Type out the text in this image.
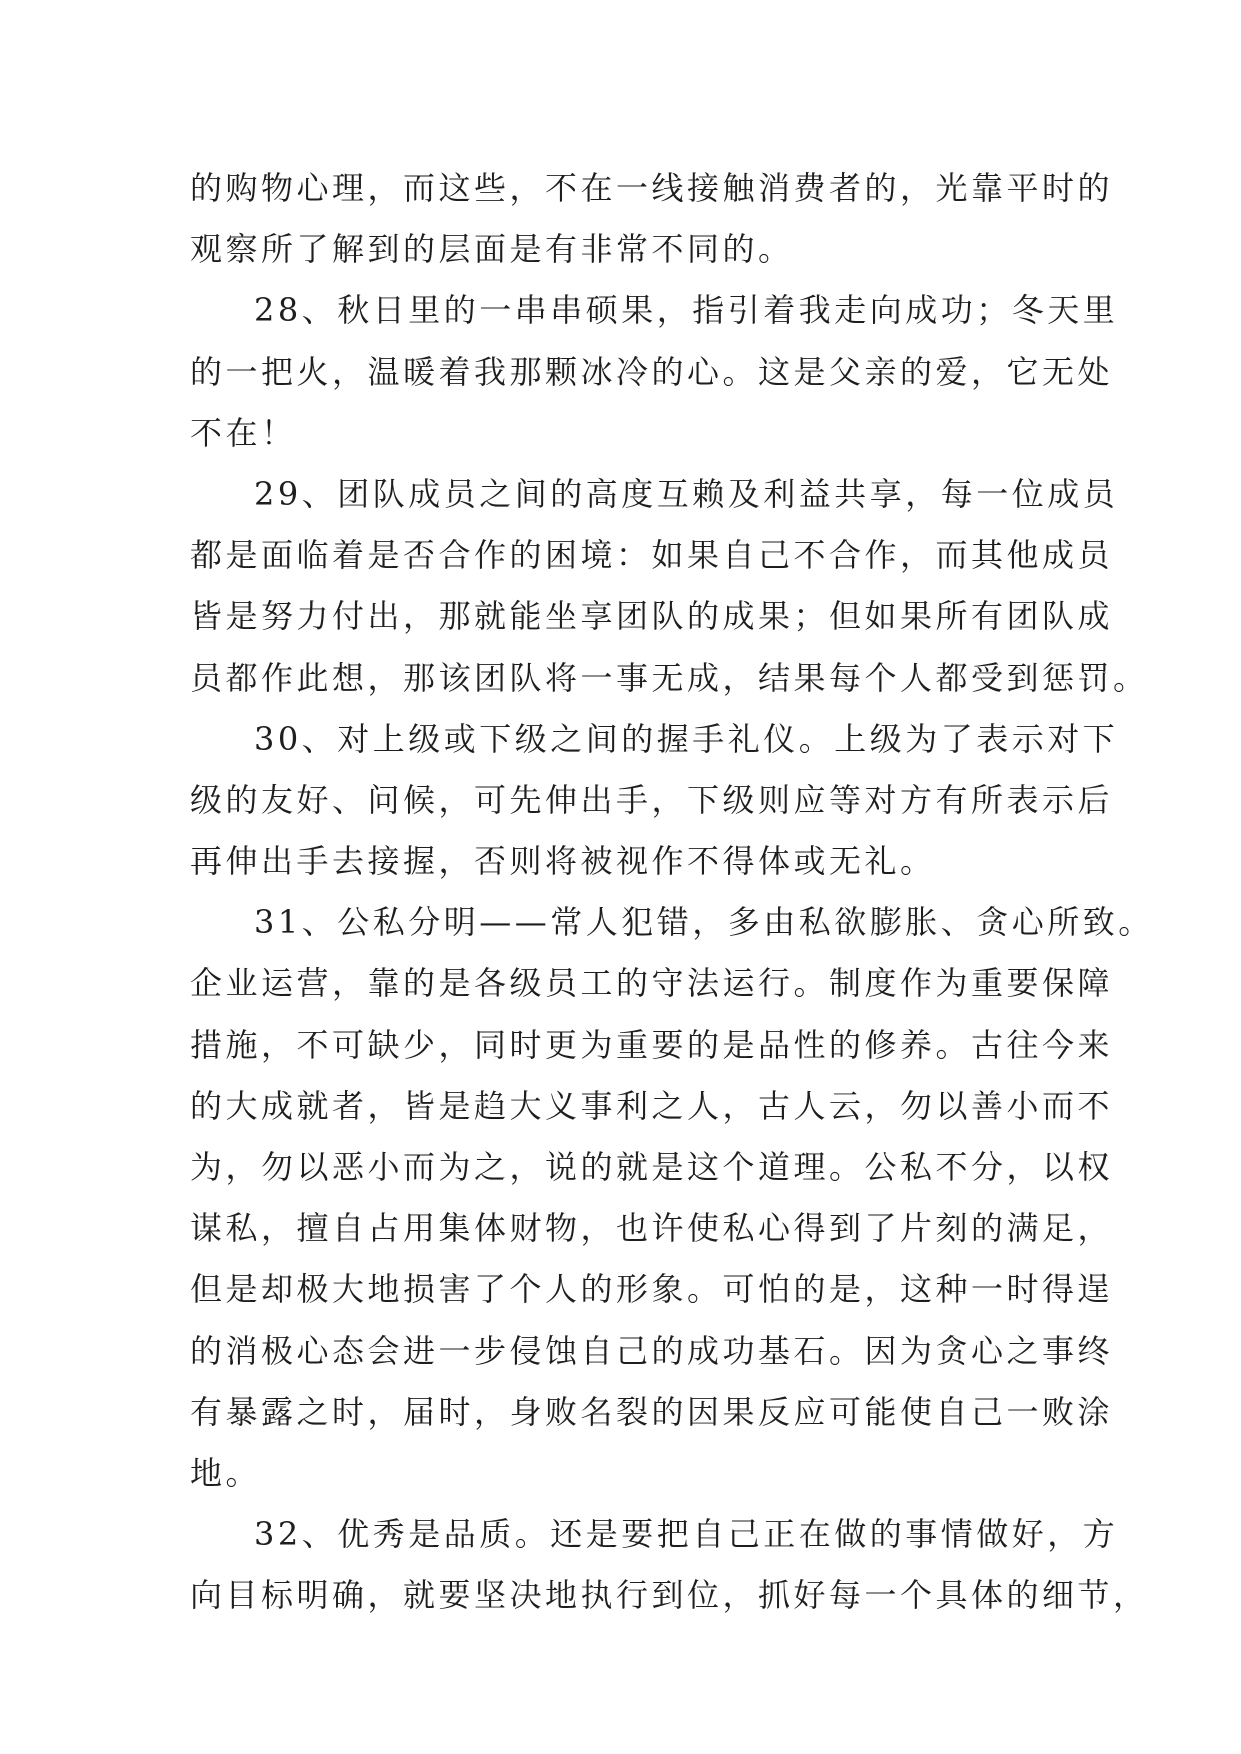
的购物心理，而这些，不在一线接触消费者的，光靠平时的
观察所了解到的层面是有非常不同的。
28、秋日里的一串串硕果，指引着我走向成功；冬天里
的一把火，温暖着我那颗冰冷的心。这是父亲的爱，它无处
不在！
29、团队成员之间的高度互赖及利益共享，每一位成员
都是面临着是否合作的困境：如果自己不合作，而其他成员
皆是努力付出，那就能坐享团队的成果；但如果所有团队成
员都作此想，那该团队将一事无成，结果每个人都受到惩罚。
30、对上级或下级之间的握手礼仪。上级为了表示对下
级的友好、问候，可先伸出手，下级则应等对方有所表示后
再伸出手去接握，否则将被视作不得体或无礼。
31、公私分明——常人犯错，多由私欲膨胀、贪心所致。
企业运营，靠的是各级员工的守法运行。制度作为重要保障
措施，不可缺少，同时更为重要的是品性的修养。古往今来
的大成就者，皆是趋大义事利之人，古人云，勿以善小而不
为，勿以恶小而为之，说的就是这个道理。公私不分，以权
谋私，擅自占用集体财物，也许使私心得到了片刻的满足，
但是却极大地损害了个人的形象。可怕的是，这种一时得逞
的消极心态会进一步侵蚀自己的成功基石。因为贪心之事终
有暴露之时，届时，身败名裂的因果反应可能使自己一败涂
地。
32、优秀是品质。还是要把自己正在做的事情做好，方
向目标明确，就要坚决地执行到位，抓好每一个具体的细节，
